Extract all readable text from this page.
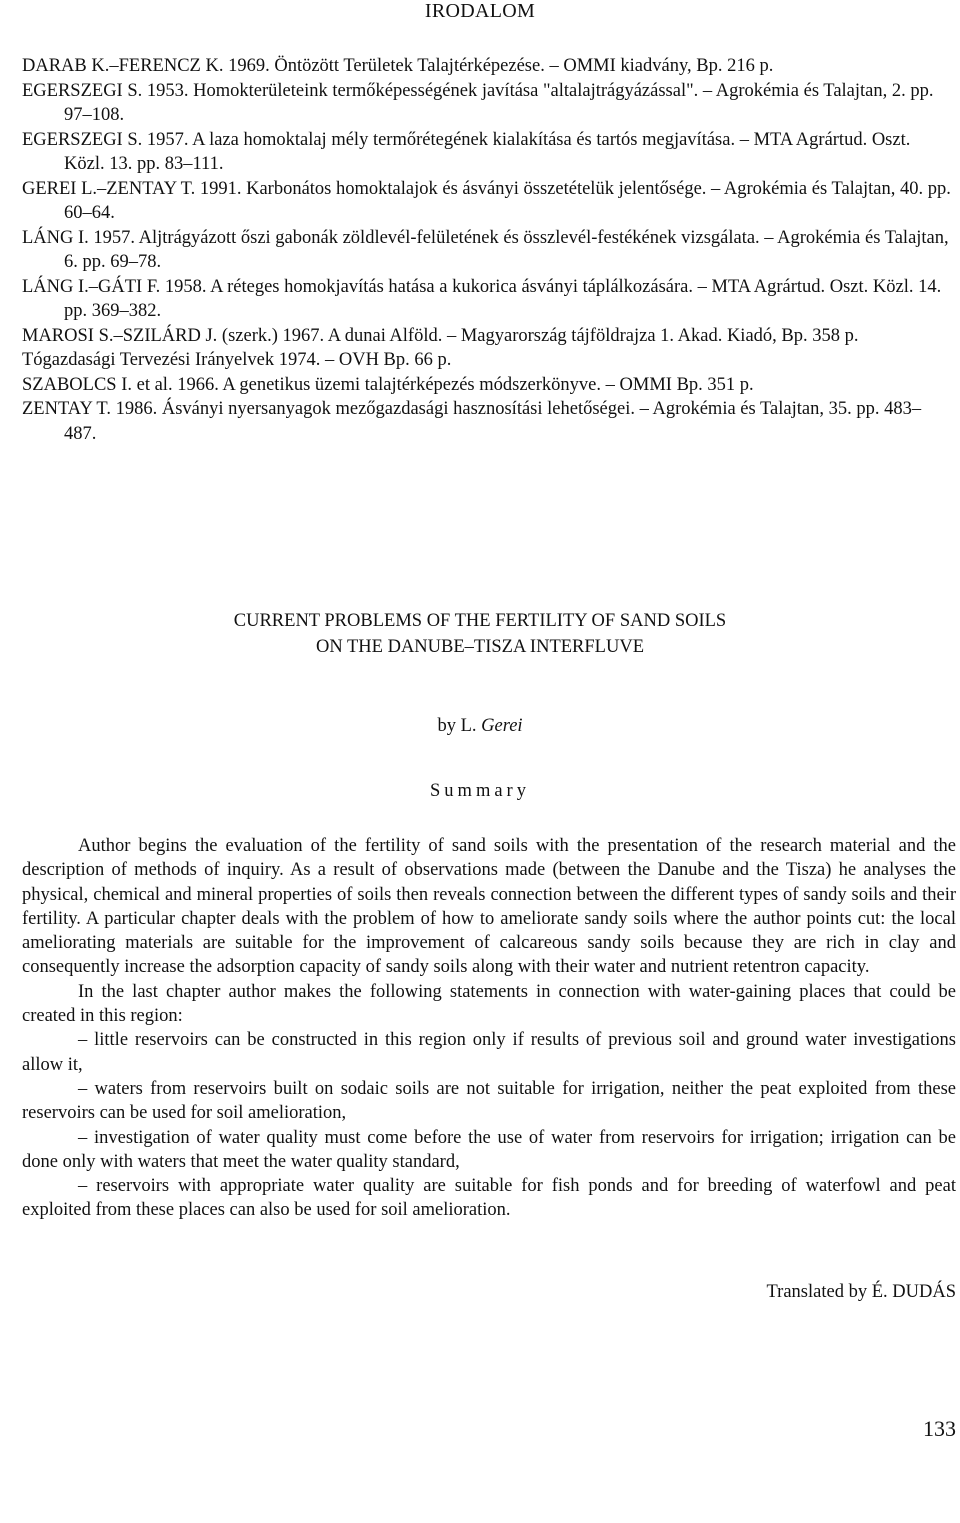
IRODALOM

DARAB K.–FERENCZ K. 1969. Öntözött Területek Talajtérképezése. – OMMI kiadvány, Bp. 216 p.

EGERSZEGI S. 1953. Homokterületeink termőképességének javítása "altalajtrágyázással". – Agrokémia és Talajtan, 2. pp. 97–108.

EGERSZEGI S. 1957. A laza homoktalaj mély termőrétegének kialakítása és tartós megjavítása. – MTA Agrártud. Oszt. Közl. 13. pp. 83–111.

GEREI L.–ZENTAY T. 1991. Karbonátos homoktalajok és ásványi összetételük jelentősége. – Agrokémia és Talajtan, 40. pp. 60–64.

LÁNG I. 1957. Aljtrágyázott őszi gabonák zöldlevél-felületének és összlevél-festékének vizsgálata. – Agrokémia és Talajtan, 6. pp. 69–78.

LÁNG I.–GÁTI F. 1958. A réteges homokjavítás hatása a kukorica ásványi táplálkozására. – MTA Agrártud. Oszt. Közl. 14. pp. 369–382.

MAROSI S.–SZILÁRD J. (szerk.) 1967. A dunai Alföld. – Magyarország tájföldrajza 1. Akad. Kiadó, Bp. 358 p.

Tógazdasági Tervezési Irányelvek 1974. – OVH Bp. 66 p.

SZABOLCS I. et al. 1966. A genetikus üzemi talajtérképezés módszerkönyve. – OMMI Bp. 351 p.

ZENTAY T. 1986. Ásványi nyersanyagok mezőgazdasági hasznosítási lehetőségei. – Agrokémia és Talajtan, 35. pp. 483–487.

CURRENT PROBLEMS OF THE FERTILITY OF SAND SOILS
ON THE DANUBE–TISZA INTERFLUVE
by L. Gerei
Summary

Author begins the evaluation of the fertility of sand soils with the presentation of the research material and the description of methods of inquiry. As a result of observations made (between the Danube and the Tisza) he analyses the physical, chemical and mineral properties of soils then reveals connection between the different types of sandy soils and their fertility. A particular chapter deals with the problem of how to ameliorate sandy soils where the author points cut: the local ameliorating materials are suitable for the improvement of calcareous sandy soils because they are rich in clay and consequently increase the adsorption capacity of sandy soils along with their water and nutrient retentron capacity.

In the last chapter author makes the following statements in connection with water-gaining places that could be created in this region:

– little reservoirs can be constructed in this region only if results of previous soil and ground water investigations allow it,

– waters from reservoirs built on sodaic soils are not suitable for irrigation, neither the peat exploited from these reservoirs can be used for soil amelioration,

– investigation of water quality must come before the use of water from reservoirs for irrigation; irrigation can be done only with waters that meet the water quality standard,

– reservoirs with appropriate water quality are suitable for fish ponds and for breeding of waterfowl and peat exploited from these places can also be used for soil amelioration.

Translated by É. DUDÁS
133
